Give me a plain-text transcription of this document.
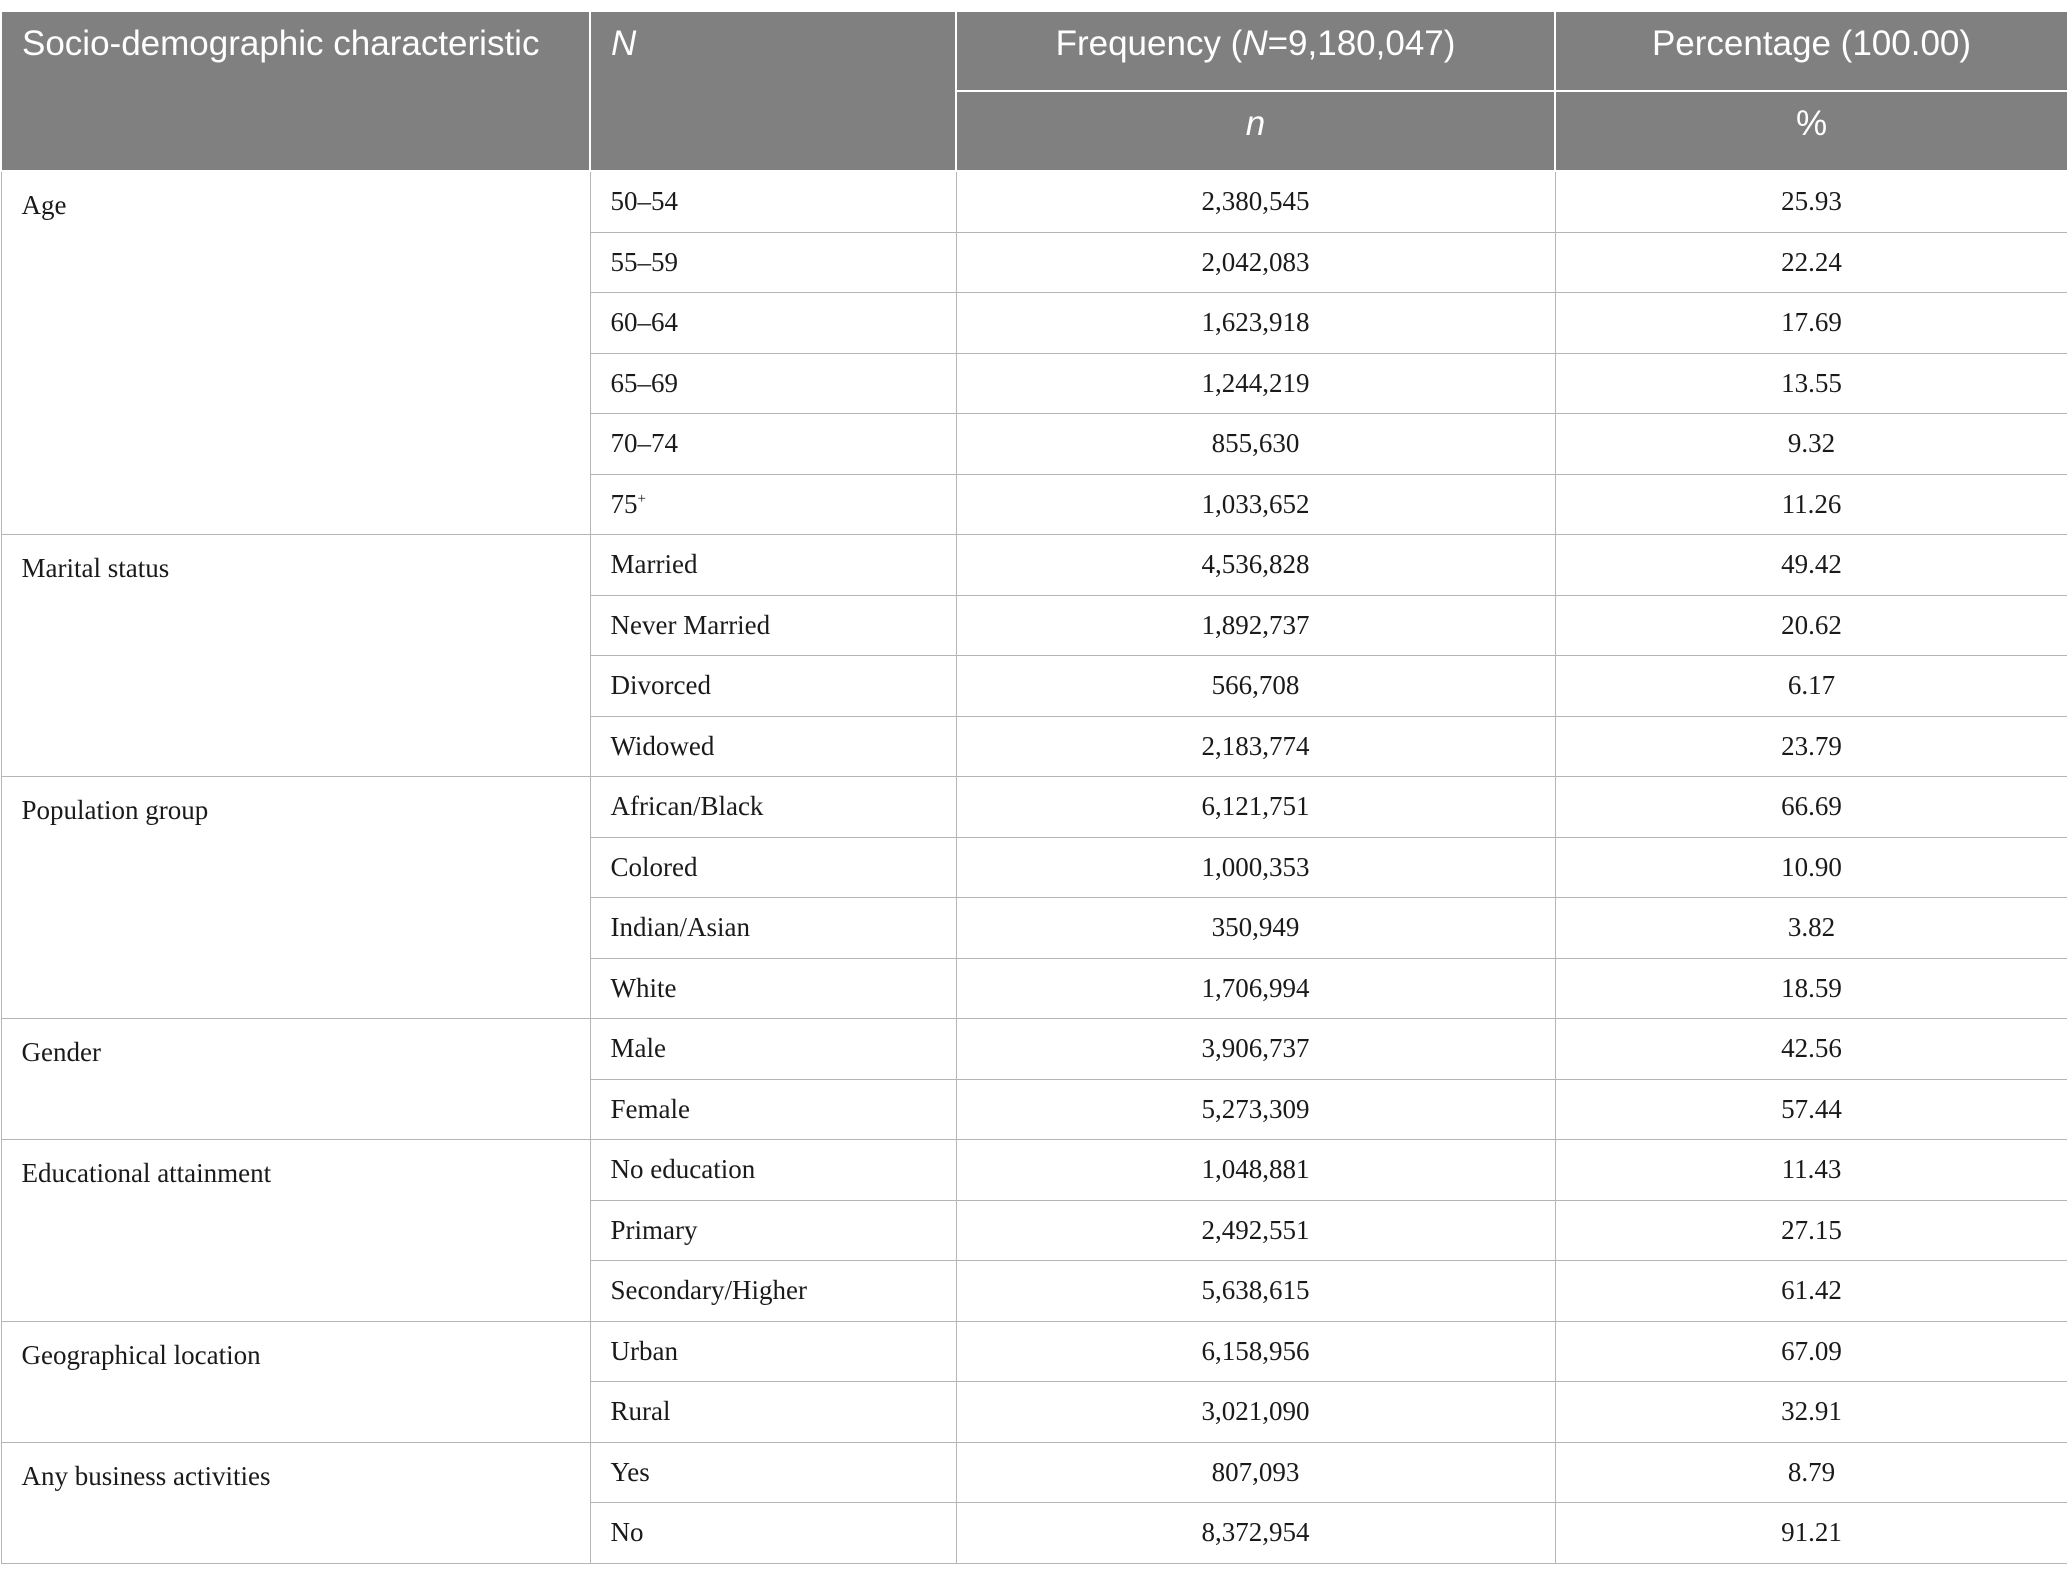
Socio-demographic characteristic	N	Frequency (N=9,180,047)	Percentage (100.00)
		n	%
Age	50–54	2,380,545	25.93
	55–59	2,042,083	22.24
	60–64	1,623,918	17.69
	65–69	1,244,219	13.55
	70–74	855,630	9.32
	75+	1,033,652	11.26
Marital status	Married	4,536,828	49.42
	Never Married	1,892,737	20.62
	Divorced	566,708	6.17
	Widowed	2,183,774	23.79
Population group	African/Black	6,121,751	66.69
	Colored	1,000,353	10.90
	Indian/Asian	350,949	3.82
	White	1,706,994	18.59
Gender	Male	3,906,737	42.56
	Female	5,273,309	57.44
Educational attainment	No education	1,048,881	11.43
	Primary	2,492,551	27.15
	Secondary/Higher	5,638,615	61.42
Geographical location	Urban	6,158,956	67.09
	Rural	3,021,090	32.91
Any business activities	Yes	807,093	8.79
	No	8,372,954	91.21
